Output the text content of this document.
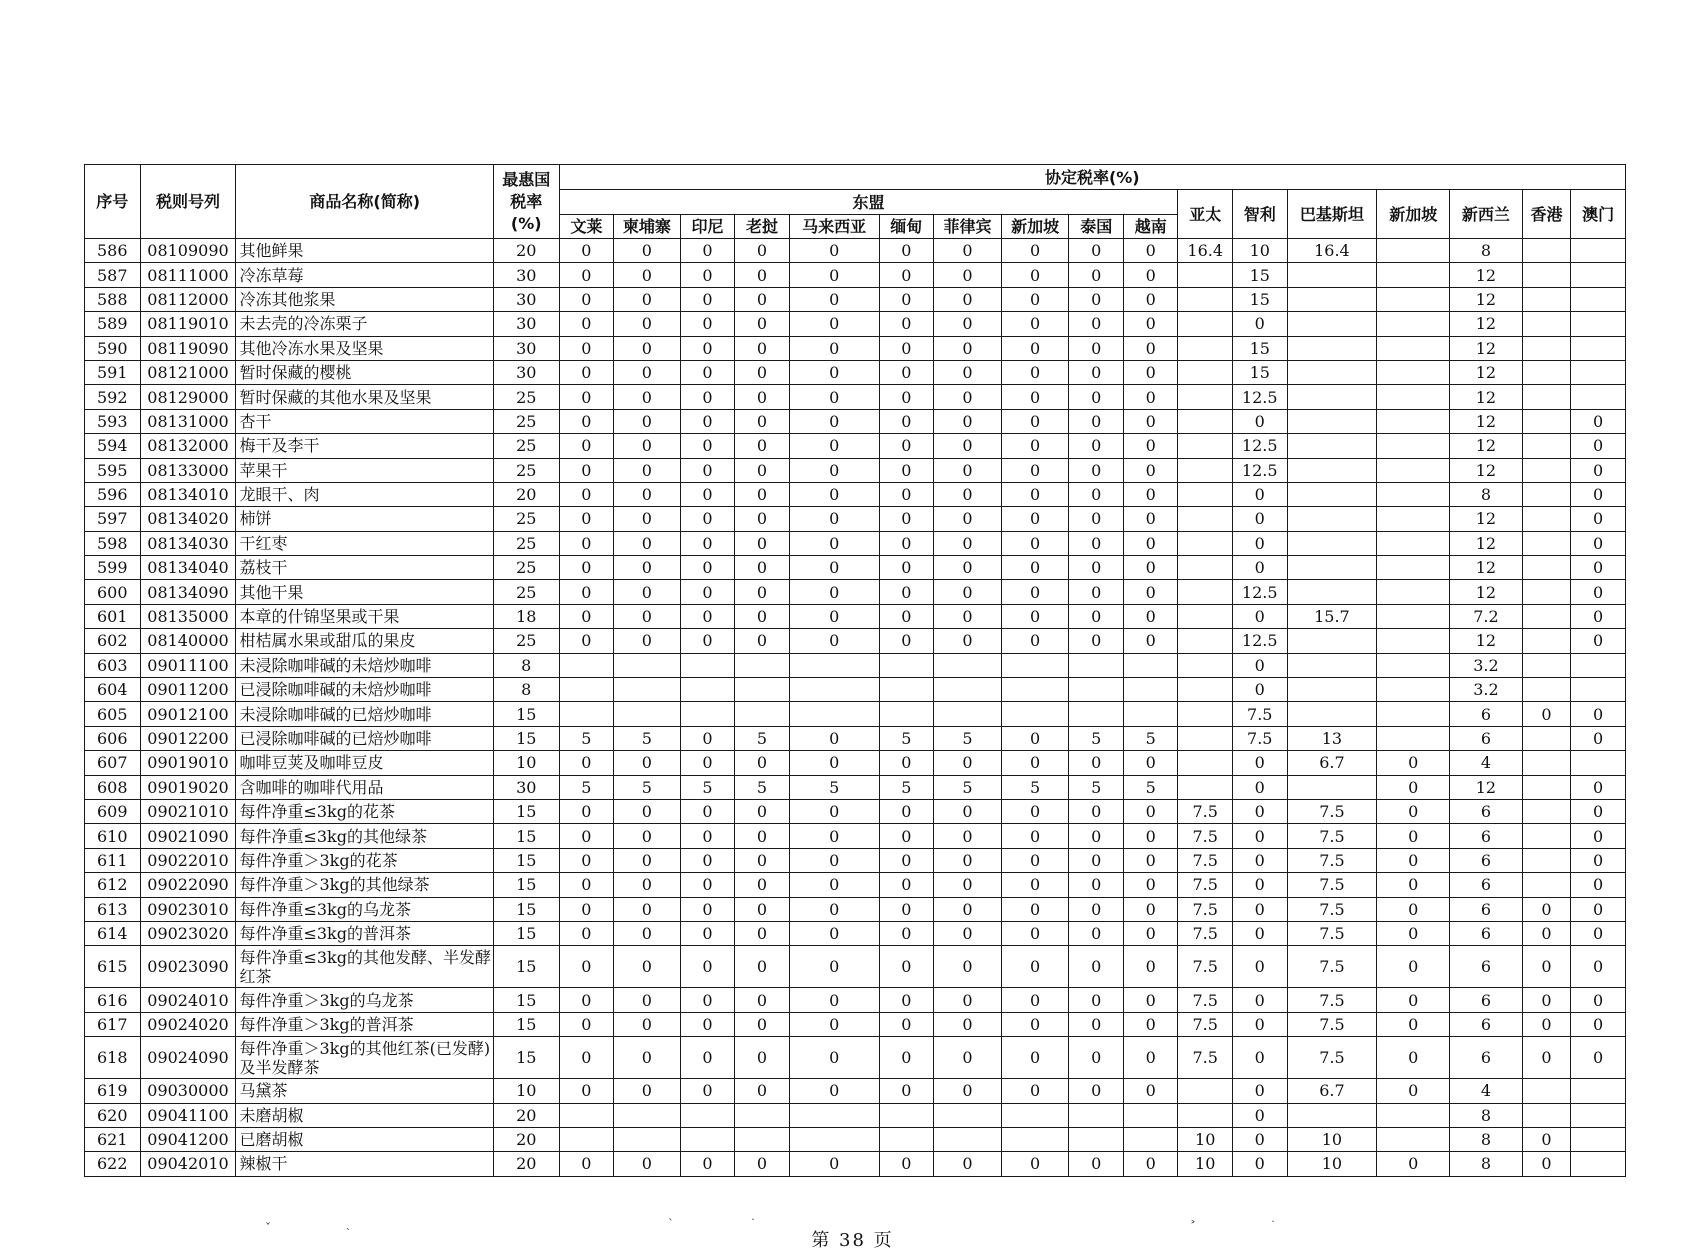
序号	税则号列	商品名称(简称)	最惠国
税率
(%)	协定税率(%)																
				东盟										亚太	智利	巴基斯坦	新加坡	新西兰	香港	澳门
				文莱	柬埔寨	印尼	老挝	马来西亚	缅甸	菲律宾	新加坡	泰国	越南							
586	08109090	其他鲜果	20	0	0	0	0	0	0	0	0	0	0	16.4	10	16.4		8		
587	08111000	冷冻草莓	30	0	0	0	0	0	0	0	0	0	0		15			12		
588	08112000	冷冻其他浆果	30	0	0	0	0	0	0	0	0	0	0		15			12		
589	08119010	未去壳的冷冻栗子	30	0	0	0	0	0	0	0	0	0	0		0			12		
590	08119090	其他冷冻水果及坚果	30	0	0	0	0	0	0	0	0	0	0		15			12		
591	08121000	暂时保藏的樱桃	30	0	0	0	0	0	0	0	0	0	0		15			12		
592	08129000	暂时保藏的其他水果及坚果	25	0	0	0	0	0	0	0	0	0	0		12.5			12		
593	08131000	杏干	25	0	0	0	0	0	0	0	0	0	0		0			12		0
594	08132000	梅干及李干	25	0	0	0	0	0	0	0	0	0	0		12.5			12		0
595	08133000	苹果干	25	0	0	0	0	0	0	0	0	0	0		12.5			12		0
596	08134010	龙眼干、肉	20	0	0	0	0	0	0	0	0	0	0		0			8		0
597	08134020	柿饼	25	0	0	0	0	0	0	0	0	0	0		0			12		0
598	08134030	干红枣	25	0	0	0	0	0	0	0	0	0	0		0			12		0
599	08134040	荔枝干	25	0	0	0	0	0	0	0	0	0	0		0			12		0
600	08134090	其他干果	25	0	0	0	0	0	0	0	0	0	0		12.5			12		0
601	08135000	本章的什锦坚果或干果	18	0	0	0	0	0	0	0	0	0	0		0	15.7		7.2		0
602	08140000	柑桔属水果或甜瓜的果皮	25	0	0	0	0	0	0	0	0	0	0		12.5			12		0
603	09011100	未浸除咖啡碱的未焙炒咖啡	8												0			3.2		
604	09011200	已浸除咖啡碱的未焙炒咖啡	8												0			3.2		
605	09012100	未浸除咖啡碱的已焙炒咖啡	15												7.5			6	0	0
606	09012200	已浸除咖啡碱的已焙炒咖啡	15	5	5	0	5	0	5	5	0	5	5		7.5	13		6		0
607	09019010	咖啡豆荚及咖啡豆皮	10	0	0	0	0	0	0	0	0	0	0		0	6.7	0	4		
608	09019020	含咖啡的咖啡代用品	30	5	5	5	5	5	5	5	5	5	5		0		0	12		0
609	09021010	每件净重≤3kg的花茶	15	0	0	0	0	0	0	0	0	0	0	7.5	0	7.5	0	6		0
610	09021090	每件净重≤3kg的其他绿茶	15	0	0	0	0	0	0	0	0	0	0	7.5	0	7.5	0	6		0
611	09022010	每件净重＞3kg的花茶	15	0	0	0	0	0	0	0	0	0	0	7.5	0	7.5	0	6		0
612	09022090	每件净重＞3kg的其他绿茶	15	0	0	0	0	0	0	0	0	0	0	7.5	0	7.5	0	6		0
613	09023010	每件净重≤3kg的乌龙茶	15	0	0	0	0	0	0	0	0	0	0	7.5	0	7.5	0	6	0	0
614	09023020	每件净重≤3kg的普洱茶	15	0	0	0	0	0	0	0	0	0	0	7.5	0	7.5	0	6	0	0
615	09023090	每件净重≤3kg的其他发酵、半发酵红茶	15	0	0	0	0	0	0	0	0	0	0	7.5	0	7.5	0	6	0	0
616	09024010	每件净重＞3kg的乌龙茶	15	0	0	0	0	0	0	0	0	0	0	7.5	0	7.5	0	6	0	0
617	09024020	每件净重＞3kg的普洱茶	15	0	0	0	0	0	0	0	0	0	0	7.5	0	7.5	0	6	0	0
618	09024090	每件净重＞3kg的其他红茶(已发酵)及半发酵茶	15	0	0	0	0	0	0	0	0	0	0	7.5	0	7.5	0	6	0	0
619	09030000	马黛茶	10	0	0	0	0	0	0	0	0	0	0		0	6.7	0	4		
620	09041100	未磨胡椒	20												0			8		
621	09041200	已磨胡椒	20											10	0	10		8	0	
622	09042010	辣椒干	20	0	0	0	0	0	0	0	0	0	0	10	0	10	0	8	0	
ˇ	˴	ˋ	˙	˃	˙
第 38 页
